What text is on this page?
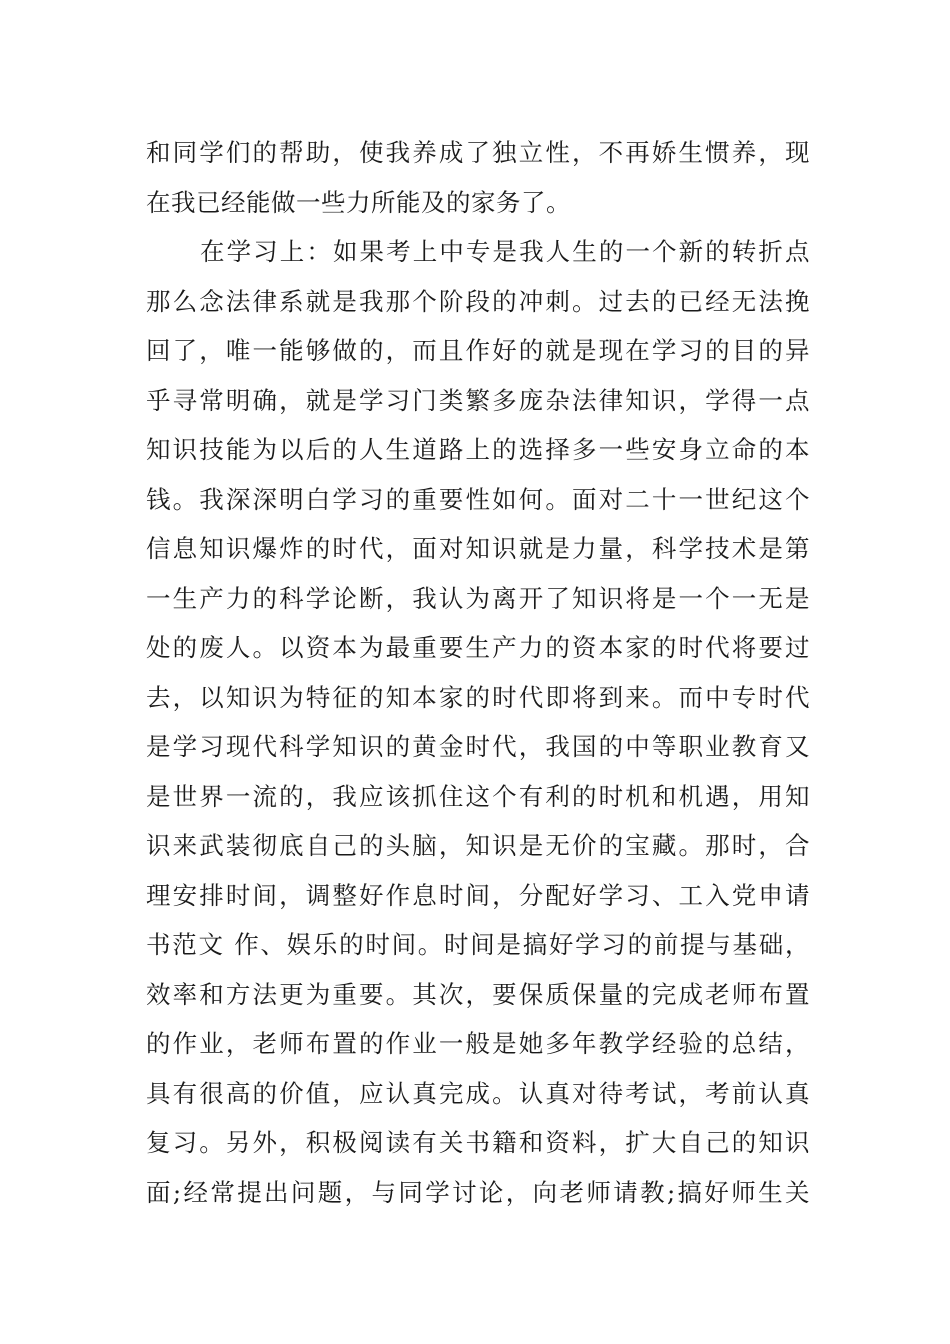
和同学们的帮助，使我养成了独立性，不再娇生惯养，现
在我已经能做一些力所能及的家务了。
在学习上：如果考上中专是我人生的一个新的转折点
那么念法律系就是我那个阶段的冲刺。过去的已经无法挽
回了，唯一能够做的，而且作好的就是现在学习的目的异
乎寻常明确，就是学习门类繁多庞杂法律知识，学得一点
知识技能为以后的人生道路上的选择多一些安身立命的本
钱。我深深明白学习的重要性如何。面对二十一世纪这个
信息知识爆炸的时代，面对知识就是力量，科学技术是第
一生产力的科学论断，我认为离开了知识将是一个一无是
处的废人。以资本为最重要生产力的资本家的时代将要过
去，以知识为特征的知本家的时代即将到来。而中专时代
是学习现代科学知识的黄金时代，我国的中等职业教育又
是世界一流的，我应该抓住这个有利的时机和机遇，用知
识来武装彻底自己的头脑，知识是无价的宝藏。那时，合
理安排时间，调整好作息时间，分配好学习、工入党申请
书范文 作、娱乐的时间。时间是搞好学习的前提与基础，
效率和方法更为重要。其次，要保质保量的完成老师布置
的作业，老师布置的作业一般是她多年教学经验的总结，
具有很高的价值，应认真完成。认真对待考试，考前认真
复习。另外，积极阅读有关书籍和资料，扩大自己的知识
面;经常提出问题，与同学讨论，向老师请教;搞好师生关
